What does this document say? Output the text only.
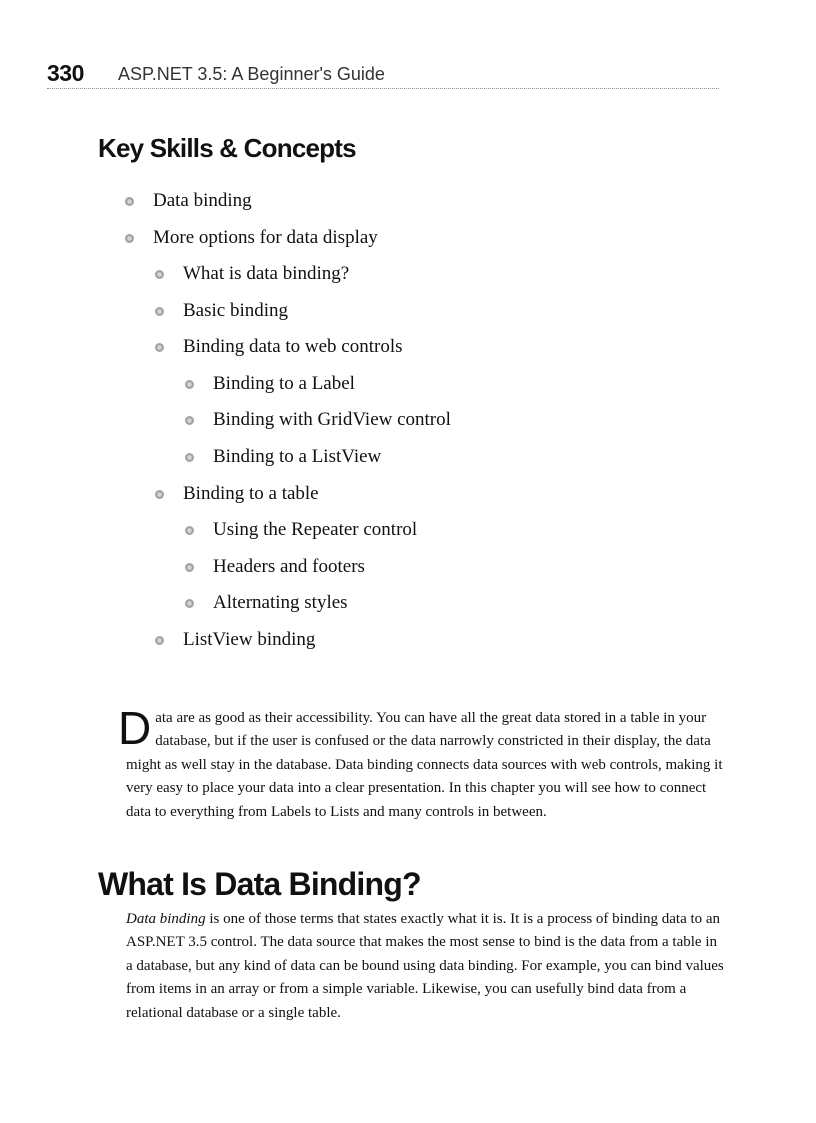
330 ASP.NET 3.5: A Beginner's Guide
Key Skills & Concepts
Data binding
More options for data display
What is data binding?
Basic binding
Binding data to web controls
Binding to a Label
Binding with GridView control
Binding to a ListView
Binding to a table
Using the Repeater control
Headers and footers
Alternating styles
ListView binding

Data are as good as their accessibility. You can have all the great data stored in a table in your database, but if the user is confused or the data narrowly constricted in their display, the data might as well stay in the database. Data binding connects data sources with web controls, making it very easy to place your data into a clear presentation. In this chapter you will see how to connect data to everything from Labels to Lists and many controls in between.

What Is Data Binding?

Data binding is one of those terms that states exactly what it is. It is a process of binding data to an ASP.NET 3.5 control. The data source that makes the most sense to bind is the data from a table in a database, but any kind of data can be bound using data binding. For example, you can bind values from items in an array or from a simple variable. Likewise, you can usefully bind data from a relational database or a single table.
